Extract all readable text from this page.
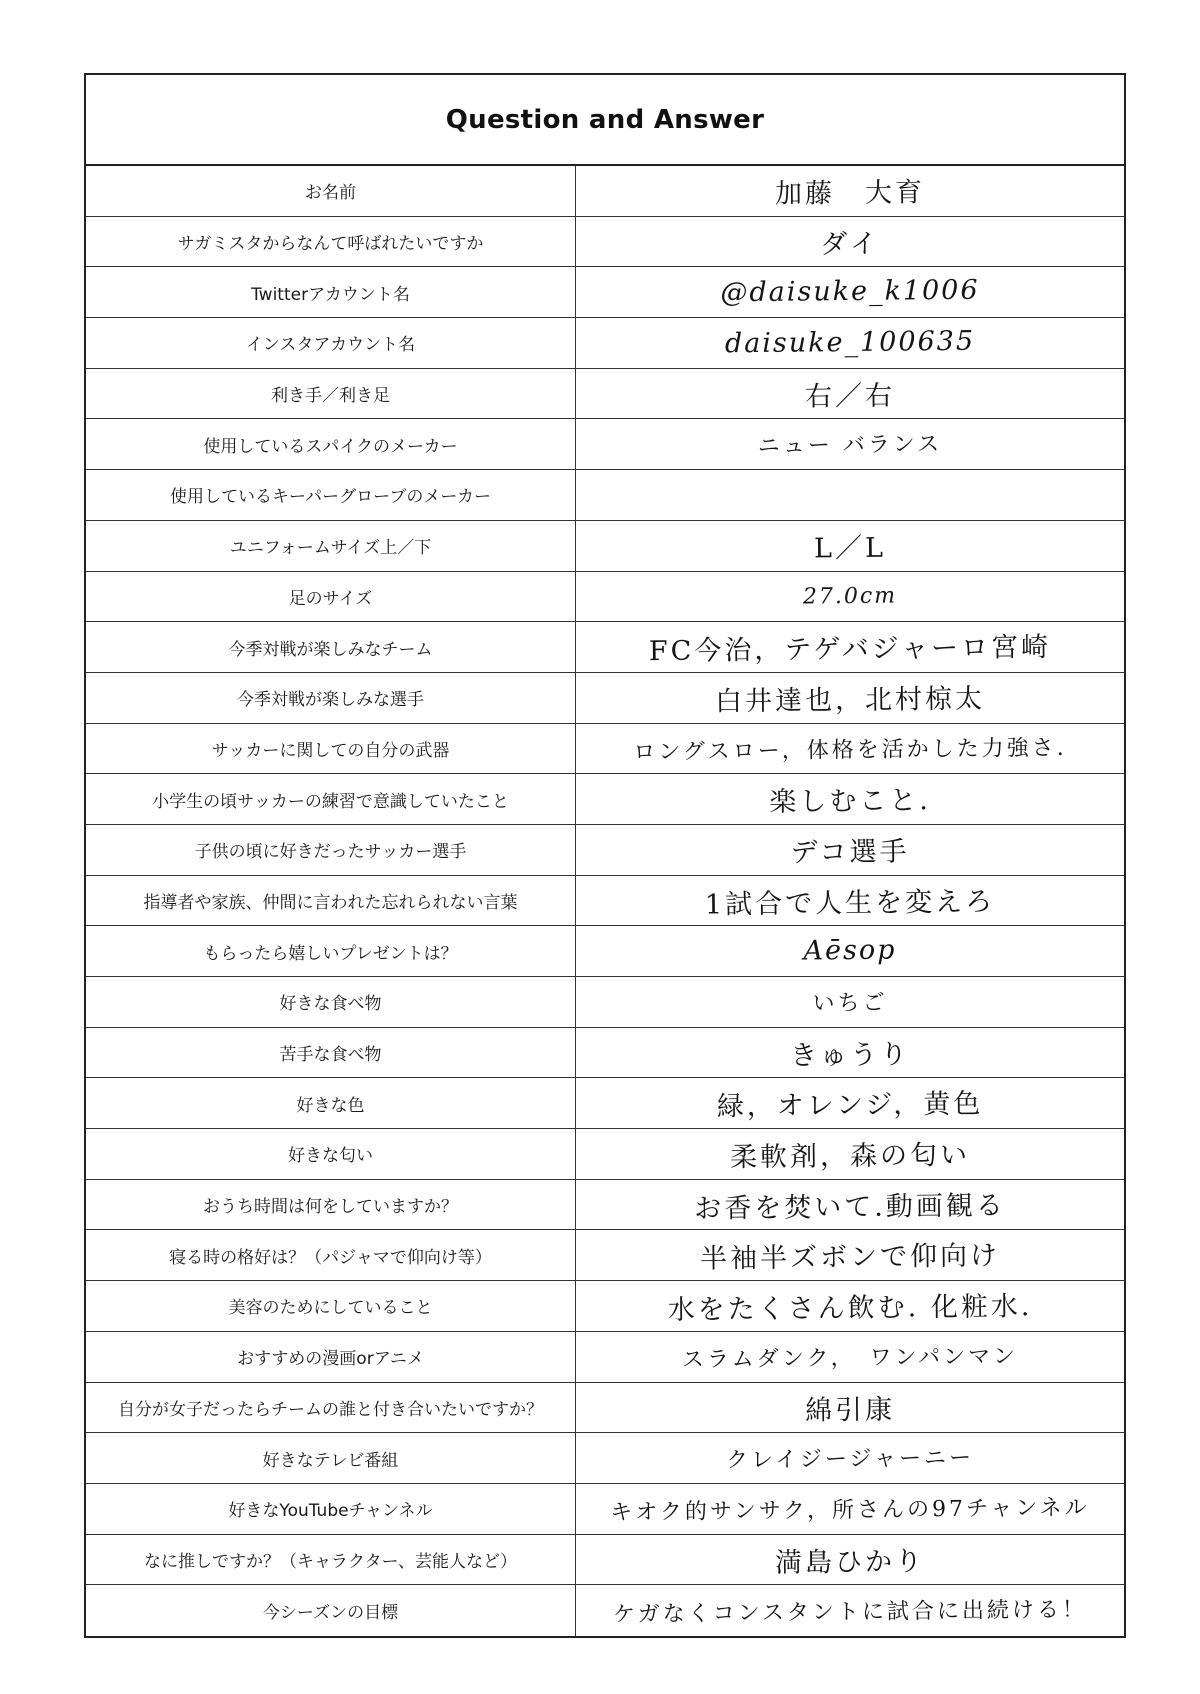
Question and Answer
お名前	加藤　大育
サガミスタからなんて呼ばれたいですか	ダイ
Twitterアカウント名	@daisuke_k1006
インスタアカウント名	daisuke_100635
利き手／利き足	右／右
使用しているスパイクのメーカー	ニュー バランス
使用しているキーパーグローブのメーカー
ユニフォームサイズ上／下	L／L
足のサイズ	27.0cm
今季対戦が楽しみなチーム	FC今治，テゲバジャーロ宮崎
今季対戦が楽しみな選手	白井達也，北村椋太
サッカーに関しての自分の武器	ロングスロー，体格を活かした力強さ.
小学生の頃サッカーの練習で意識していたこと	楽しむこと.
子供の頃に好きだったサッカー選手	デコ選手
指導者や家族、仲間に言われた忘れられない言葉	1試合で人生を変えろ
もらったら嬉しいプレゼントは？	Aēsop
好きな食べ物	いちご
苦手な食べ物	きゅうり
好きな色	緑，オレンジ，黄色
好きな匂い	柔軟剤，森の匂い
おうち時間は何をしていますか？	お香を焚いて.動画観る
寝る時の格好は？（パジャマで仰向け等）	半袖半ズボンで仰向け
美容のためにしていること	水をたくさん飲む. 化粧水.
おすすめの漫画orアニメ	スラムダンク，　ワンパンマン
自分が女子だったらチームの誰と付き合いたいですか？	綿引康
好きなテレビ番組	クレイジージャーニー
好きなYouTubeチャンネル	キオク的サンサク，所さんの97チャンネル
なに推しですか？（キャラクター、芸能人など）	満島ひかり
今シーズンの目標	ケガなくコンスタントに試合に出続ける！
